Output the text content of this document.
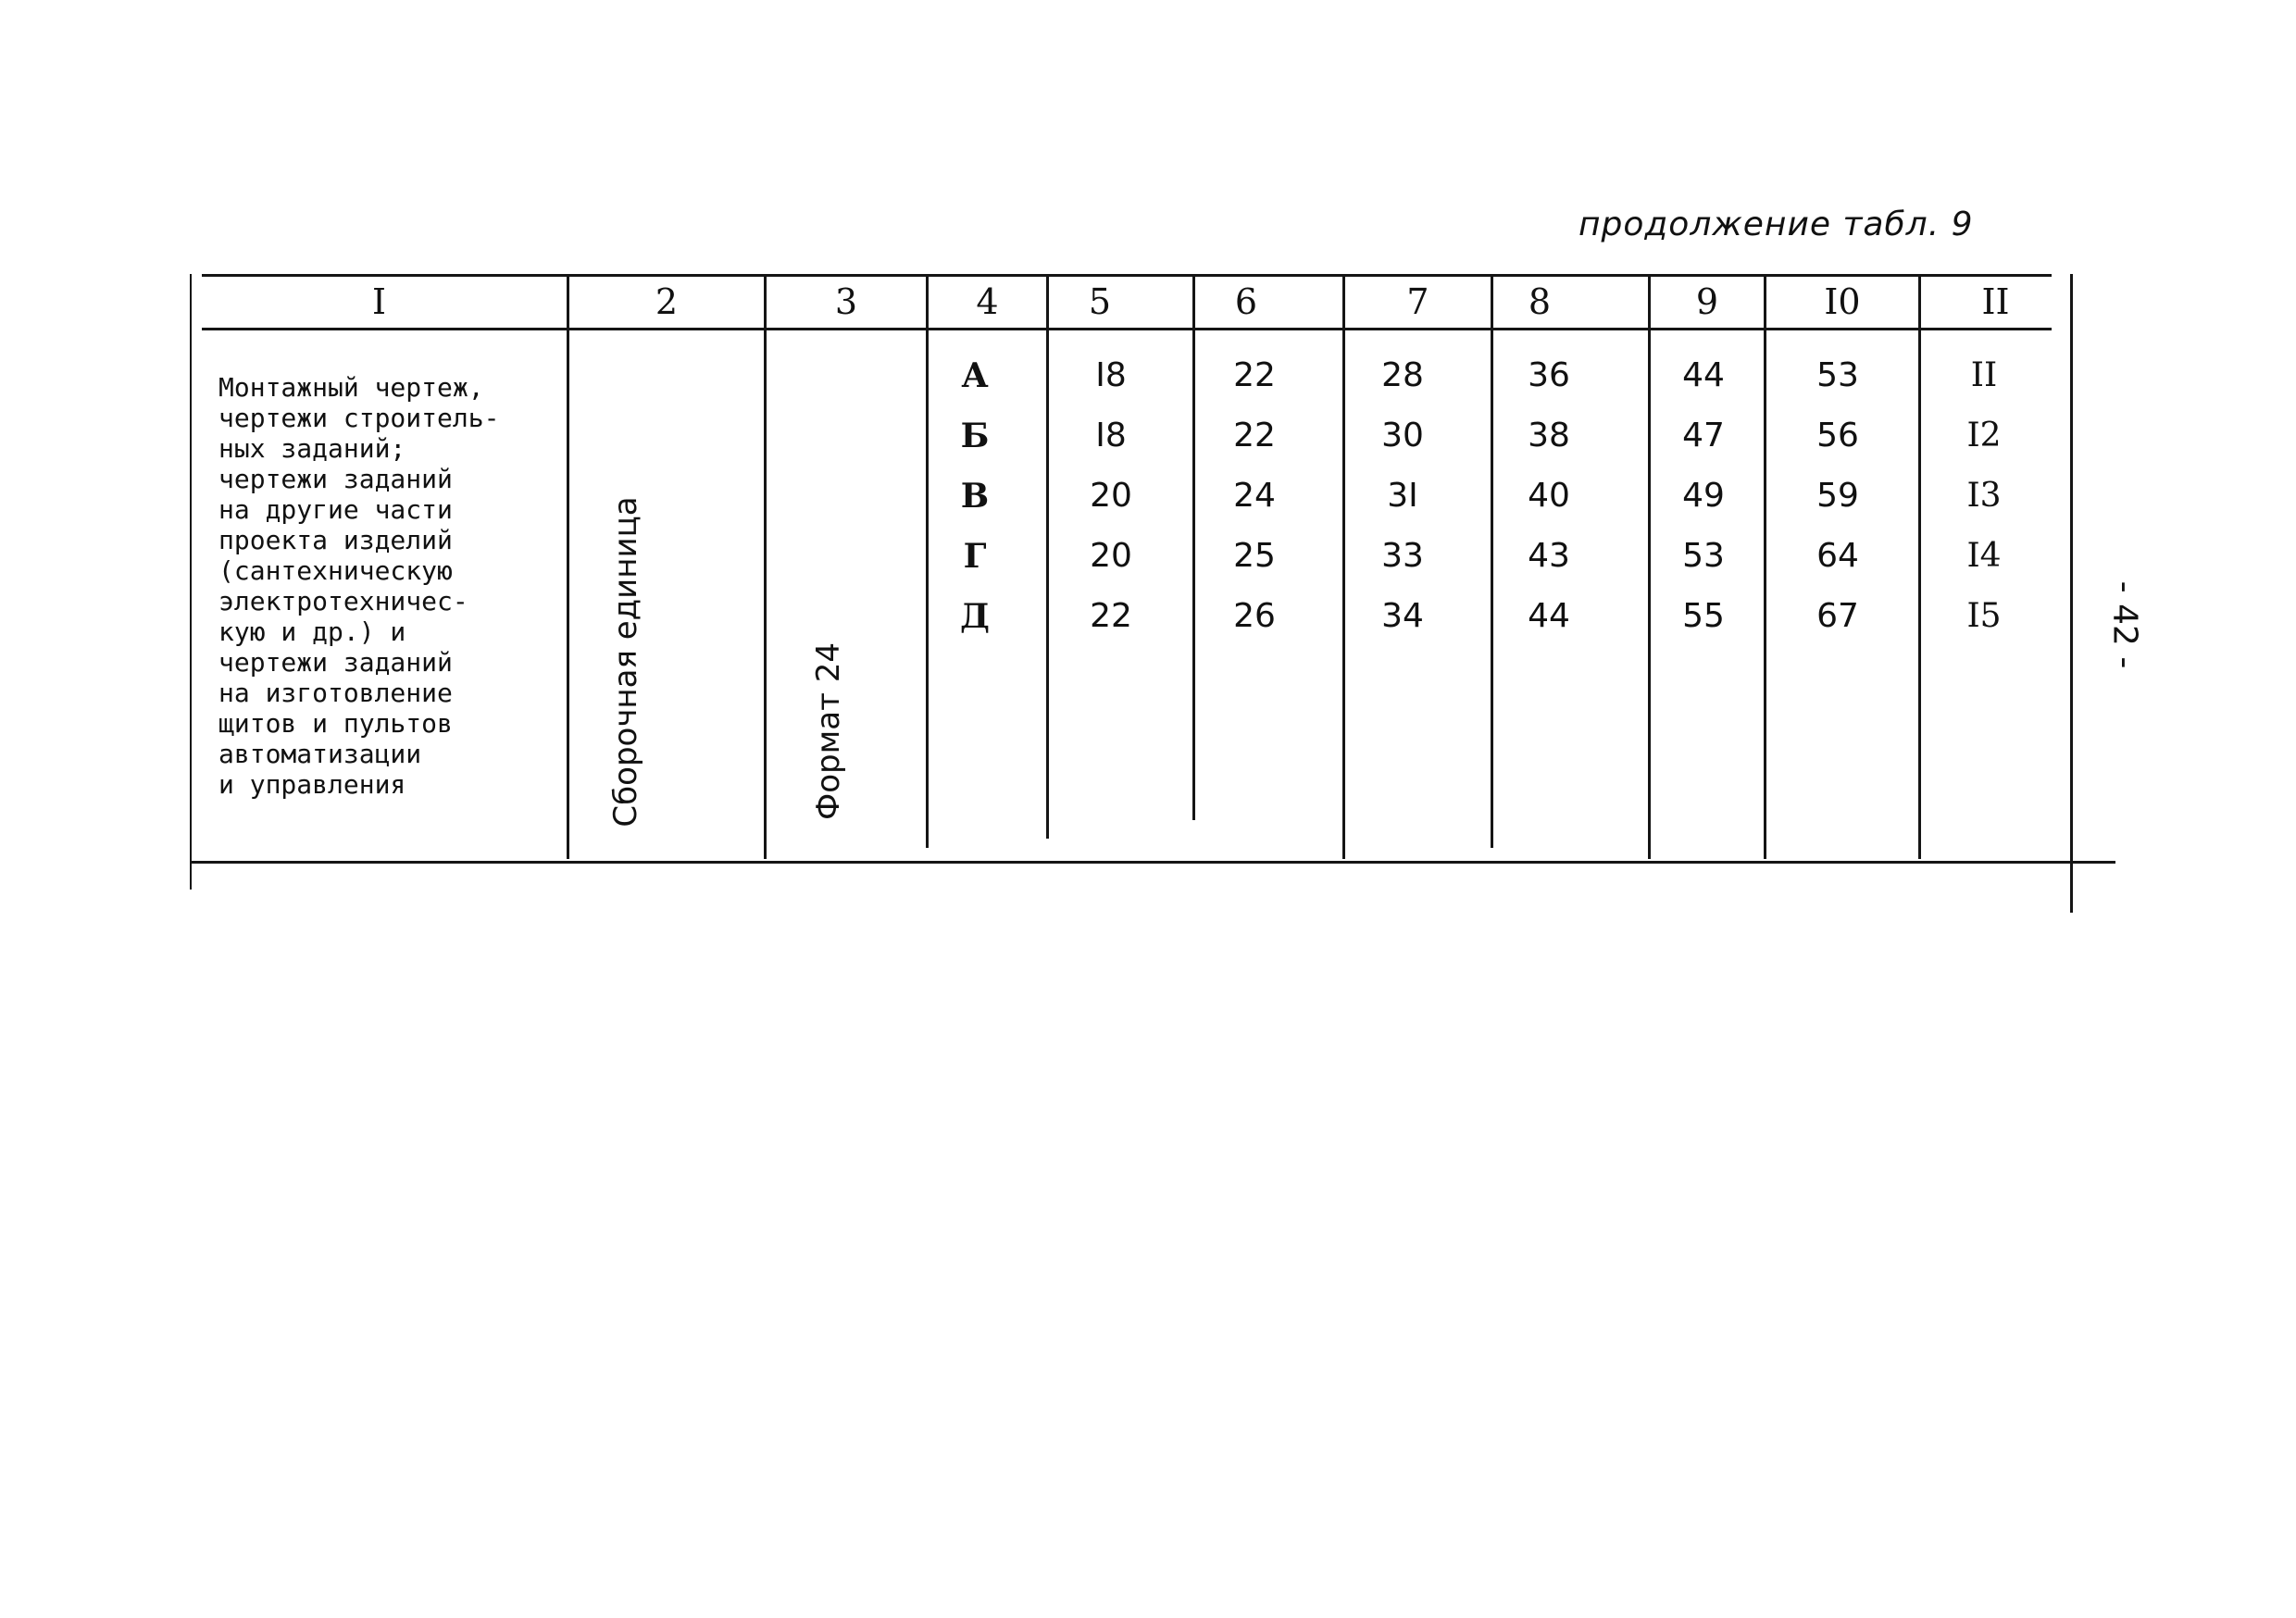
продолжение табл. 9
I	2	3	4	5	6	7	8	9	I0	II
Монтажный чертеж,
чертежи строитель-
ных заданий;
чертежи заданий
на другие части
проекта изделий
(сантехническую
электротехничес-
кую и др.) и
чертежи заданий
на изготовление
щитов и пультов
автоматизации
и управления	Сборочная единица	Формат 24
А	I8	22	28	36	44	53	II
Б	I8	22	30	38	47	56	I2
В	20	24	3I	40	49	59	I3
Г	20	25	33	43	53	64	I4
Д	22	26	34	44	55	67	I5	- 42 -
